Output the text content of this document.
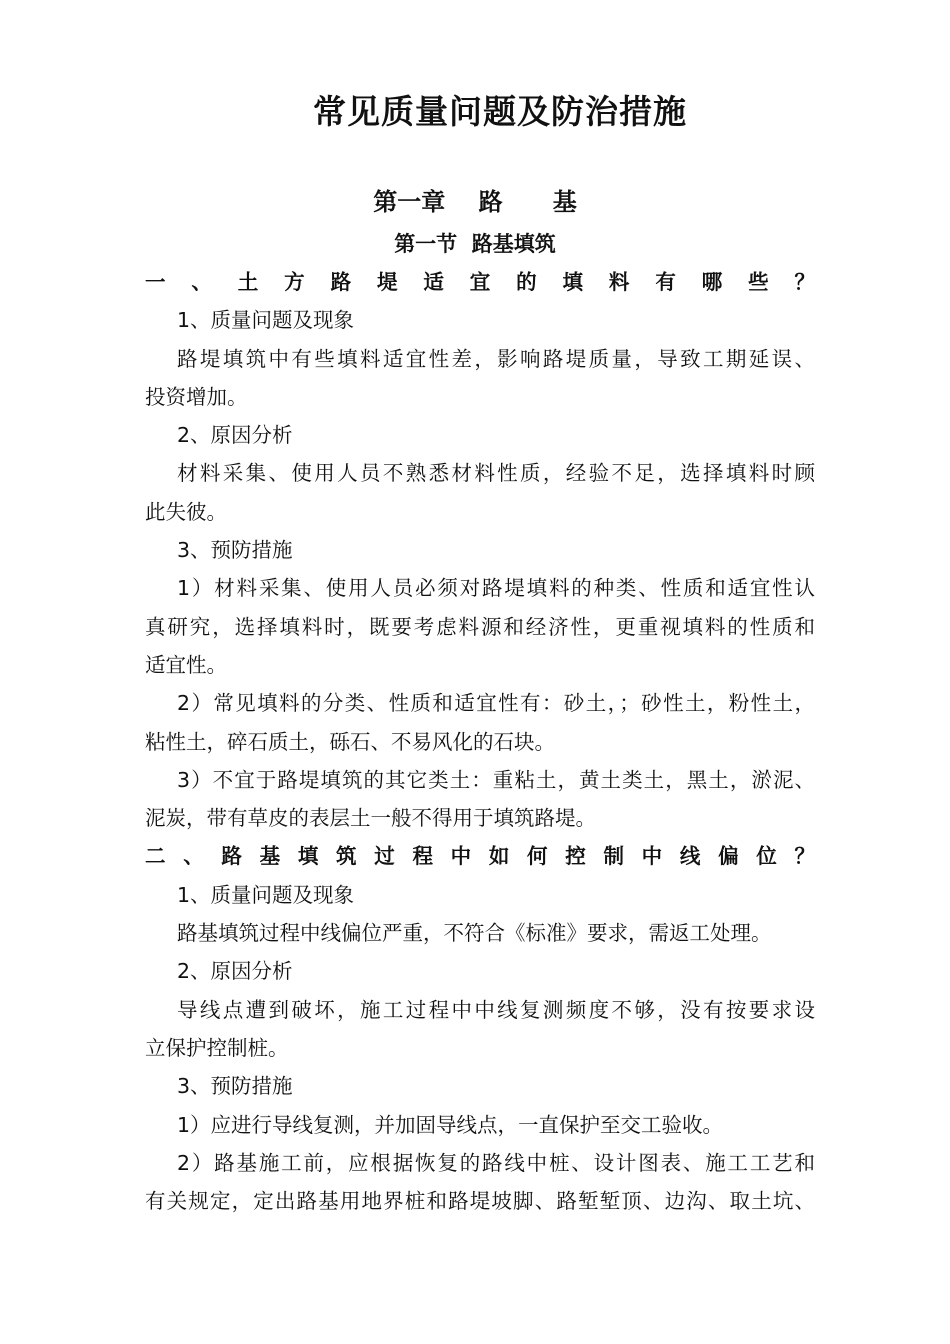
常见质量问题及防治措施
第一章    路      基
第一节  路基填筑
一、土方路堤适宜的填料有哪些？
1、质量问题及现象
路堤填筑中有些填料适宜性差，影响路堤质量，导致工期延误、
投资增加。
2、原因分析
材料采集、使用人员不熟悉材料性质，经验不足，选择填料时顾
此失彼。
3、预防措施
1）材料采集、使用人员必须对路堤填料的种类、性质和适宜性认
真研究，选择填料时，既要考虑料源和经济性，更重视填料的性质和
适宜性。
2）常见填料的分类、性质和适宜性有：砂土，；砂性土，粉性土，
粘性土，碎石质土，砾石、不易风化的石块。
3）不宜于路堤填筑的其它类土：重粘土，黄土类土，黑土，淤泥、
泥炭，带有草皮的表层土一般不得用于填筑路堤。
二、路基填筑过程中如何控制中线偏位？
1、质量问题及现象
路基填筑过程中线偏位严重，不符合《标准》要求，需返工处理。
2、原因分析
导线点遭到破坏，施工过程中中线复测频度不够，没有按要求设
立保护控制桩。
3、预防措施
1）应进行导线复测，并加固导线点，一直保护至交工验收。
2）路基施工前，应根据恢复的路线中桩、设计图表、施工工艺和
有关规定，定出路基用地界桩和路堤坡脚、路堑堑顶、边沟、取土坑、
